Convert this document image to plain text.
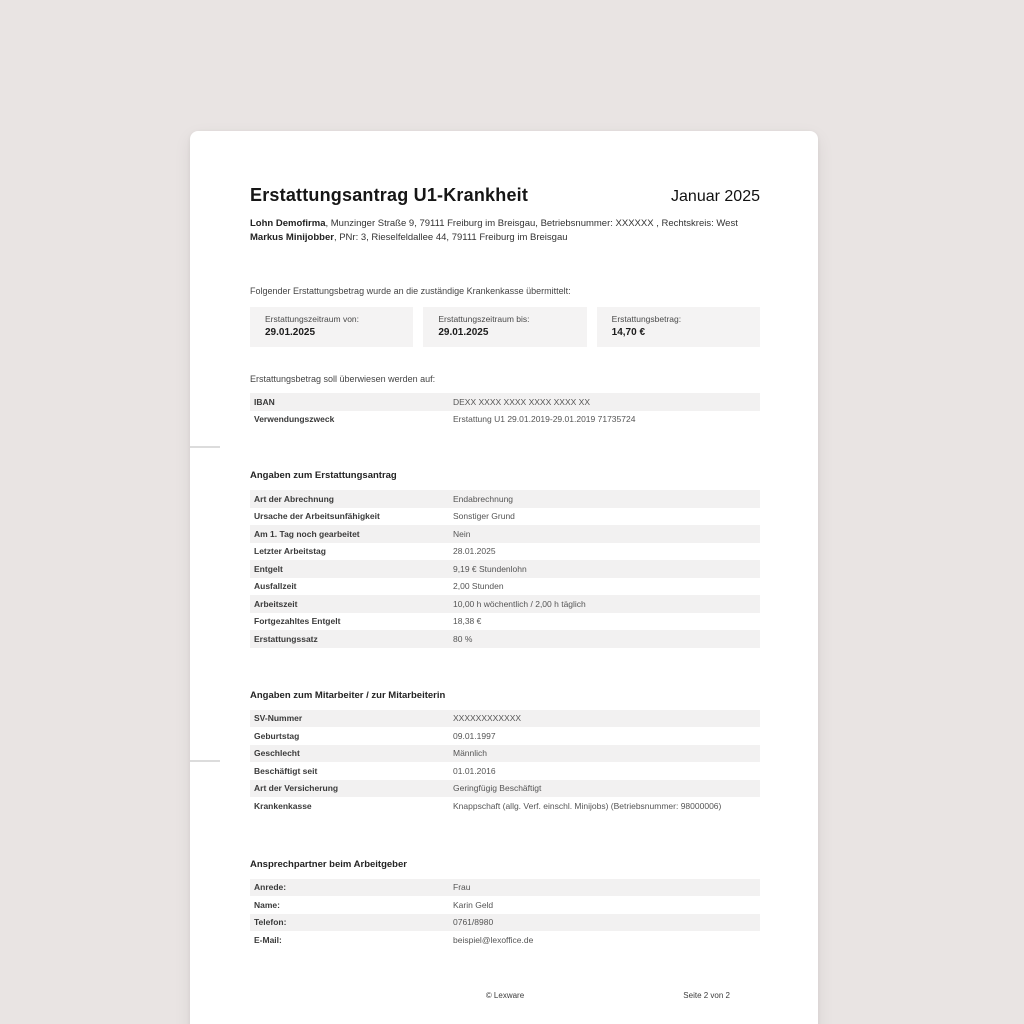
Erstattungsantrag U1-Krankheit	Januar 2025
Lohn Demofirma, Munzinger Straße 9, 79111 Freiburg im Breisgau, Betriebsnummer: XXXXXX , Rechtskreis: West
Markus Minijobber, PNr: 3, Rieselfeldallee 44, 79111 Freiburg im Breisgau
Folgender Erstattungsbetrag wurde an die zuständige Krankenkasse übermittelt:
Erstattungszeitraum von:
29.01.2025
Erstattungszeitraum bis:
29.01.2025
Erstattungsbetrag:
14,70 €
Erstattungsbetrag soll überwiesen werden auf:
IBAN	DEXX XXXX XXXX XXXX XXXX XX
Verwendungszweck	Erstattung U1 29.01.2019-29.01.2019 71735724
Angaben zum Erstattungsantrag
Art der Abrechnung	Endabrechnung
Ursache der Arbeitsunfähigkeit	Sonstiger Grund
Am 1. Tag noch gearbeitet	Nein
Letzter Arbeitstag	28.01.2025
Entgelt	9,19 € Stundenlohn
Ausfallzeit	2,00 Stunden
Arbeitszeit	10,00 h wöchentlich / 2,00 h täglich
Fortgezahltes Entgelt	18,38 €
Erstattungssatz	80 %
Angaben zum Mitarbeiter / zur Mitarbeiterin
SV-Nummer	XXXXXXXXXXXX
Geburtstag	09.01.1997
Geschlecht	Männlich
Beschäftigt seit	01.01.2016
Art der Versicherung	Geringfügig Beschäftigt
Krankenkasse	Knappschaft (allg. Verf. einschl. Minijobs) (Betriebsnummer: 98000006)
Ansprechpartner beim Arbeitgeber
Anrede:	Frau
Name:	Karin Geld
Telefon:	0761/8980
E-Mail:	beispiel@lexoffice.de
© Lexware	Seite 2 von 2
